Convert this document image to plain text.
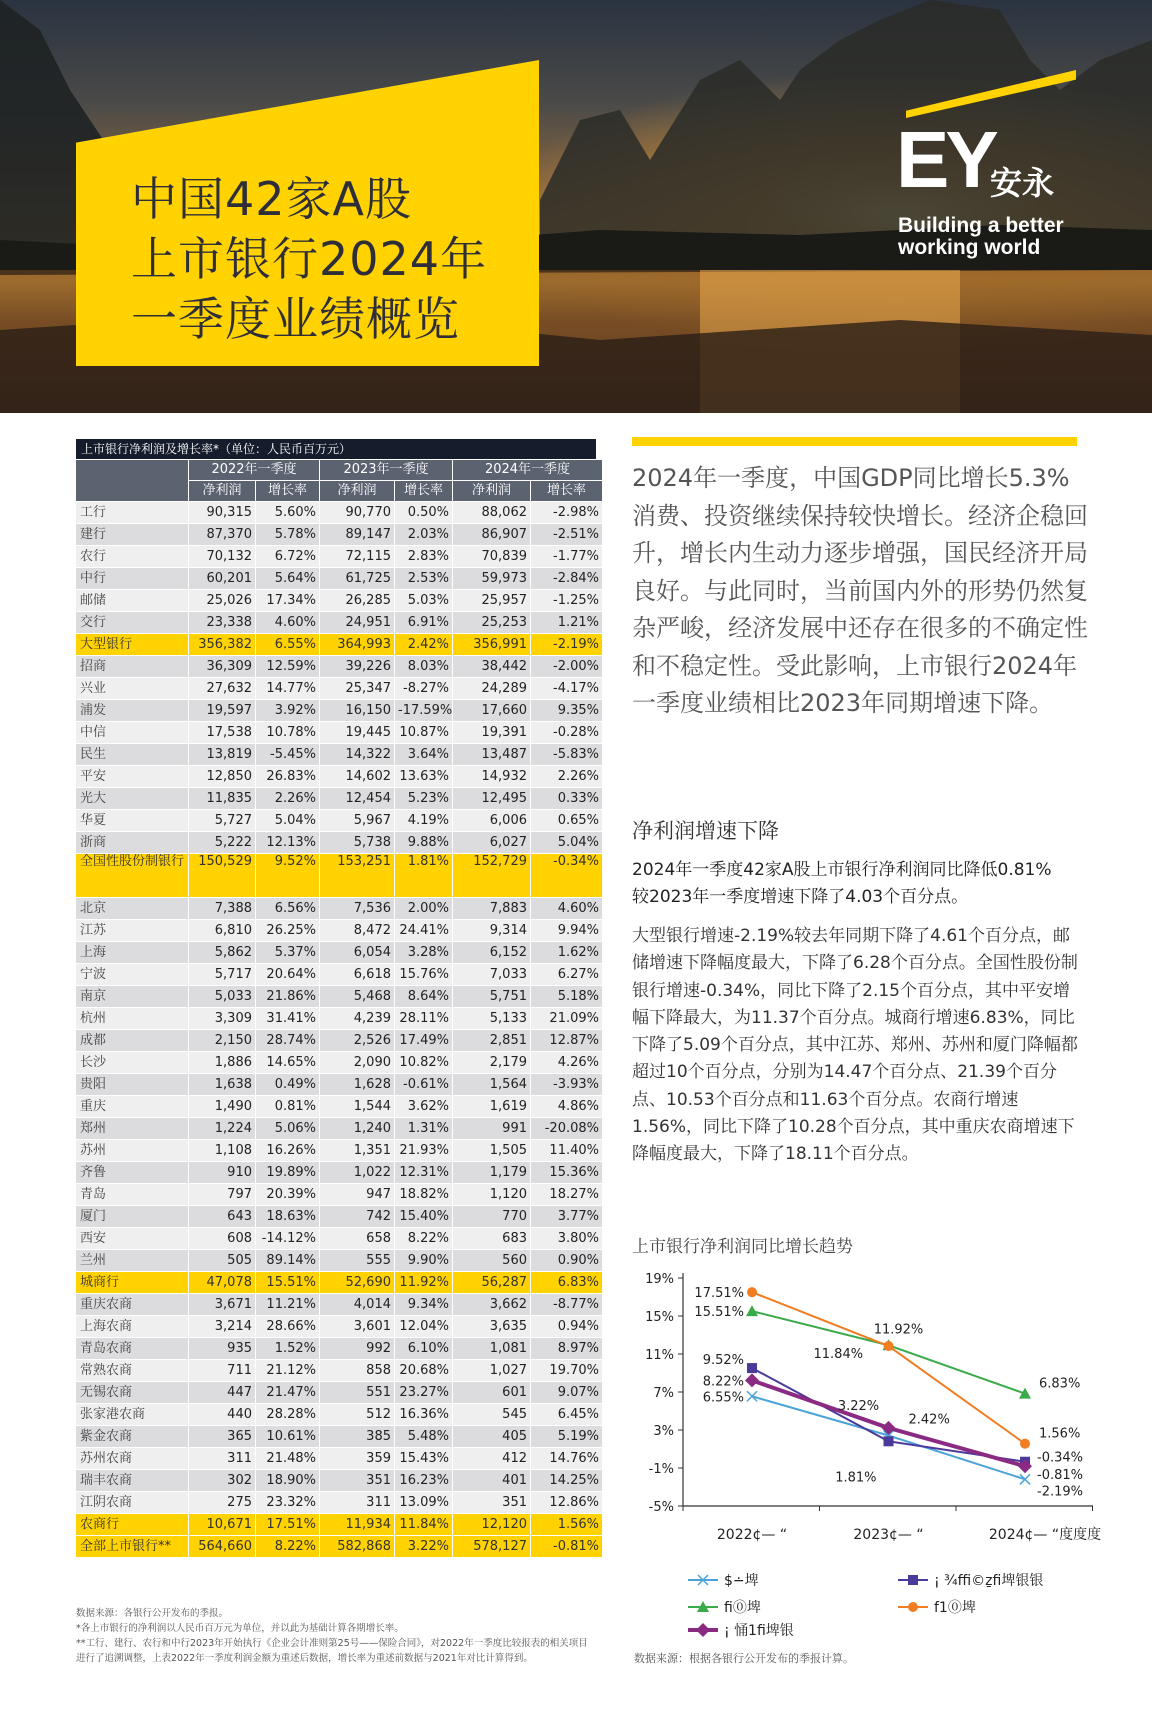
中国42家A股
上市银行2024年
一季度业绩概览
EY
安永
Building a better
working world
上市银行净利润及增长率*（单位：人民币百万元）
	2022年一季度		2023年一季度		2024年一季度	
	净利润	增长率	净利润	增长率	净利润	增长率
工行	90,315	5.60%	90,770	0.50%	88,062	-2.98%
建行	87,370	5.78%	89,147	2.03%	86,907	-2.51%
农行	70,132	6.72%	72,115	2.83%	70,839	-1.77%
中行	60,201	5.64%	61,725	2.53%	59,973	-2.84%
邮储	25,026	17.34%	26,285	5.03%	25,957	-1.25%
交行	23,338	4.60%	24,951	6.91%	25,253	1.21%
大型银行	356,382	6.55%	364,993	2.42%	356,991	-2.19%
招商	36,309	12.59%	39,226	8.03%	38,442	-2.00%
兴业	27,632	14.77%	25,347	-8.27%	24,289	-4.17%
浦发	19,597	3.92%	16,150	-17.59%	17,660	9.35%
中信	17,538	10.78%	19,445	10.87%	19,391	-0.28%
民生	13,819	-5.45%	14,322	3.64%	13,487	-5.83%
平安	12,850	26.83%	14,602	13.63%	14,932	2.26%
光大	11,835	2.26%	12,454	5.23%	12,495	0.33%
华夏	5,727	5.04%	5,967	4.19%	6,006	0.65%
浙商	5,222	12.13%	5,738	9.88%	6,027	5.04%
全国性股份制银行	150,529	9.52%	153,251	1.81%	152,729	-0.34%
北京	7,388	6.56%	7,536	2.00%	7,883	4.60%
江苏	6,810	26.25%	8,472	24.41%	9,314	9.94%
上海	5,862	5.37%	6,054	3.28%	6,152	1.62%
宁波	5,717	20.64%	6,618	15.76%	7,033	6.27%
南京	5,033	21.86%	5,468	8.64%	5,751	5.18%
杭州	3,309	31.41%	4,239	28.11%	5,133	21.09%
成都	2,150	28.74%	2,526	17.49%	2,851	12.87%
长沙	1,886	14.65%	2,090	10.82%	2,179	4.26%
贵阳	1,638	0.49%	1,628	-0.61%	1,564	-3.93%
重庆	1,490	0.81%	1,544	3.62%	1,619	4.86%
郑州	1,224	5.06%	1,240	1.31%	991	-20.08%
苏州	1,108	16.26%	1,351	21.93%	1,505	11.40%
齐鲁	910	19.89%	1,022	12.31%	1,179	15.36%
青岛	797	20.39%	947	18.82%	1,120	18.27%
厦门	643	18.63%	742	15.40%	770	3.77%
西安	608	-14.12%	658	8.22%	683	3.80%
兰州	505	89.14%	555	9.90%	560	0.90%
城商行	47,078	15.51%	52,690	11.92%	56,287	6.83%
重庆农商	3,671	11.21%	4,014	9.34%	3,662	-8.77%
上海农商	3,214	28.66%	3,601	12.04%	3,635	0.94%
青岛农商	935	1.52%	992	6.10%	1,081	8.97%
常熟农商	711	21.12%	858	20.68%	1,027	19.70%
无锡农商	447	21.47%	551	23.27%	601	9.07%
张家港农商	440	28.28%	512	16.36%	545	6.45%
紫金农商	365	10.61%	385	5.48%	405	5.19%
苏州农商	311	21.48%	359	15.43%	412	14.76%
瑞丰农商	302	18.90%	351	16.23%	401	14.25%
江阴农商	275	23.32%	311	13.09%	351	12.86%
农商行	10,671	17.51%	11,934	11.84%	12,120	1.56%
全部上市银行**	564,660	8.22%	582,868	3.22%	578,127	-0.81%
数据来源：各银行公开发布的季报。
*各上市银行的净利润以人民币百万元为单位，并以此为基础计算各期增长率。
**工行、建行、农行和中行2023年开始执行《企业会计准则第25号——保险合同》，对2022年一季度比较报表的相关项目进行了追溯调整，上表2022年一季度利润金额为重述后数据，增长率为重述前数据与2021年对比计算得到。
2024年一季度，中国GDP同比增长5.3% 消费、投资继续保持较快增长。经济企稳回升，增长内生动力逐步增强，国民经济开局良好。与此同时，当前国内外的形势仍然复杂严峻，经济发展中还存在很多的不确定性和不稳定性。受此影响，上市银行2024年一季度业绩相比2023年同期增速下降。
净利润增速下降
2024年一季度42家A股上市银行净利润同比降低0.81% 较2023年一季度增速下降了4.03个百分点。
大型银行增速-2.19%较去年同期下降了4.61个百分点，邮储增速下降幅度最大，下降了6.28个百分点。全国性股份制银行增速-0.34%，同比下降了2.15个百分点，其中平安增幅下降最大，为11.37个百分点。城商行增速6.83%，同比下降了5.09个百分点，其中江苏、郑州、苏州和厦门降幅都超过10个百分点，分别为14.47个百分点、21.39个百分点、10.53个百分点和11.63个百分点。农商行增速1.56%，同比下降了10.28个百分点，其中重庆农商增速下降幅度最大，下降了18.11个百分点。
上市银行净利润同比增长趋势
19%
15%
11%
7%
3%
-1%
-5%
2022¢— “	2023¢— “	2024¢— “度度度
6.55%
2.42%
-2.19%
$∸埤
9.52%
1.81%
-0.34%
¡ ¾ffi©ẕfi埤银银
15.51%
11.92%
6.83%
fi⓪埤
17.51%
11.84%
1.56%
f1⓪埤
8.22%
3.22%
-0.81%
¡ 悀1fi埤银
数据来源：根据各银行公开发布的季报计算。
